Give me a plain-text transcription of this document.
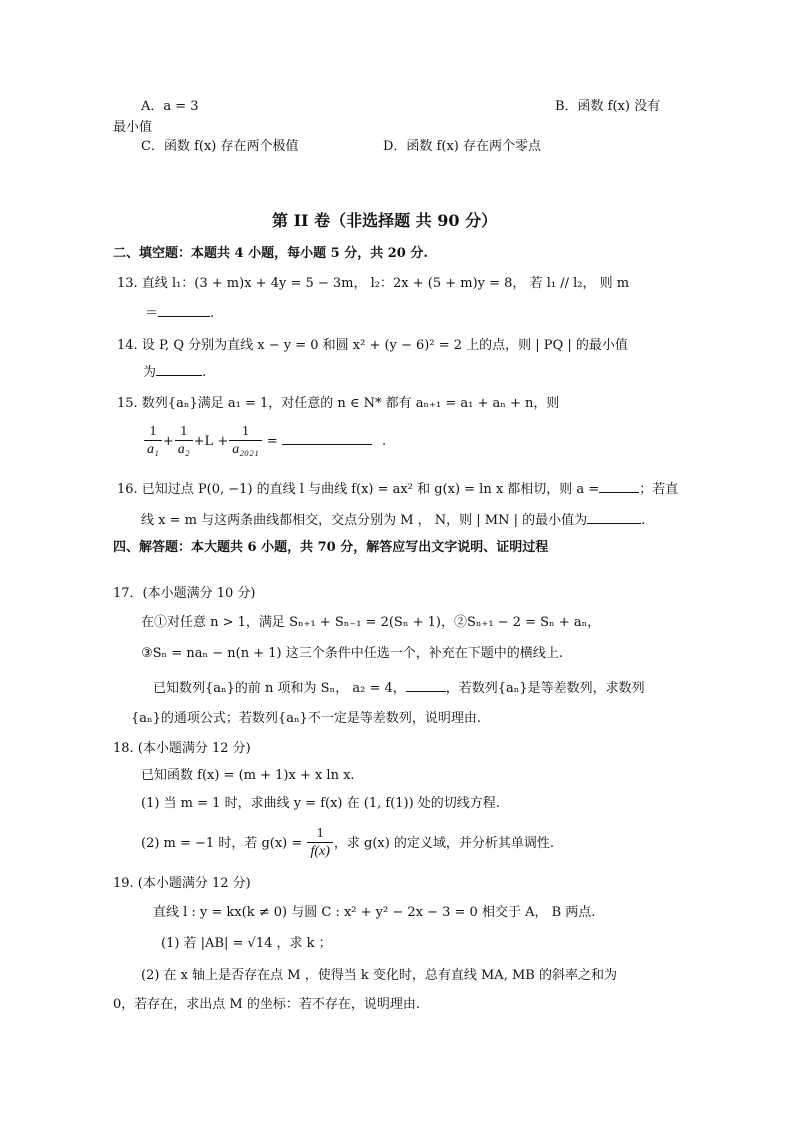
A．a = 3	B．函数 f(x) 没有
最小值
C．函数 f(x) 存在两个极值	D．函数 f(x) 存在两个零点
第 II 卷（非选择题 共 90 分）
二、填空题：本题共 4 小题，每小题 5 分，共 20 分.
13. 直线 l₁：(3 + m)x + 4y = 5 − 3m， l₂：2x + (5 + m)y = 8， 若 l₁ // l₂， 则 m
＝	.
14. 设 P, Q 分别为直线 x − y = 0 和圆 x² + (y − 6)² = 2 上的点，则 | PQ | 的最小值
为	.
15. 数列{aₙ}满足 a₁ = 1，对任意的 n ∈ N* 都有 aₙ₊₁ = a₁ + aₙ + n，则
$\frac{1}{\text{a₁}} + \frac{1}{\text{a₂}} +L + \frac{1}{\text{a₂₀₂₁}}$ =	.
16. 已知过点 P(0, −1) 的直线 l 与曲线 f(x) = ax² 和 g(x) = ln x 都相切，则 a =	；若直
线 x = m 与这两条曲线都相交，交点分别为 M ， N，则 | MN | 的最小值为	.
四、解答题：本大题共 6 小题，共 70 分，解答应写出文字说明、证明过程
17．(本小题满分 10 分)
在①对任意 n > 1，满足 Sₙ₊₁ + Sₙ₋₁ = 2(Sₙ + 1)，②Sₙ₊₁ − 2 = Sₙ + aₙ，
③Sₙ = naₙ − n(n + 1) 这三个条件中任选一个，补充在下题中的横线上.
已知数列{aₙ}的前 n 项和为 Sₙ， a₂ = 4，	，若数列{aₙ}是等差数列，求数列
{aₙ}的通项公式；若数列{aₙ}不一定是等差数列，说明理由.
18. (本小题满分 12 分)
已知函数 f(x) = (m + 1)x + x ln x.
(1) 当 m = 1 时，求曲线 y = f(x) 在 (1, f(1)) 处的切线方程.
(2) m = −1 时，若 $g(x) = \frac{1}{f(x)}$ ，求 g(x) 的定义域，并分析其单调性.
19. (本小题满分 12 分)
直线 l : y = kx(k ≠ 0) 与圆 C : x² + y² − 2x − 3 = 0 相交于 A， B 两点.
(1) 若 |AB| = √14 ，求 k ；
(2) 在 x 轴上是否存在点 M ，使得当 k 变化时，总有直线 MA, MB 的斜率之和为
0，若存在，求出点 M 的坐标：若不存在，说明理由.
